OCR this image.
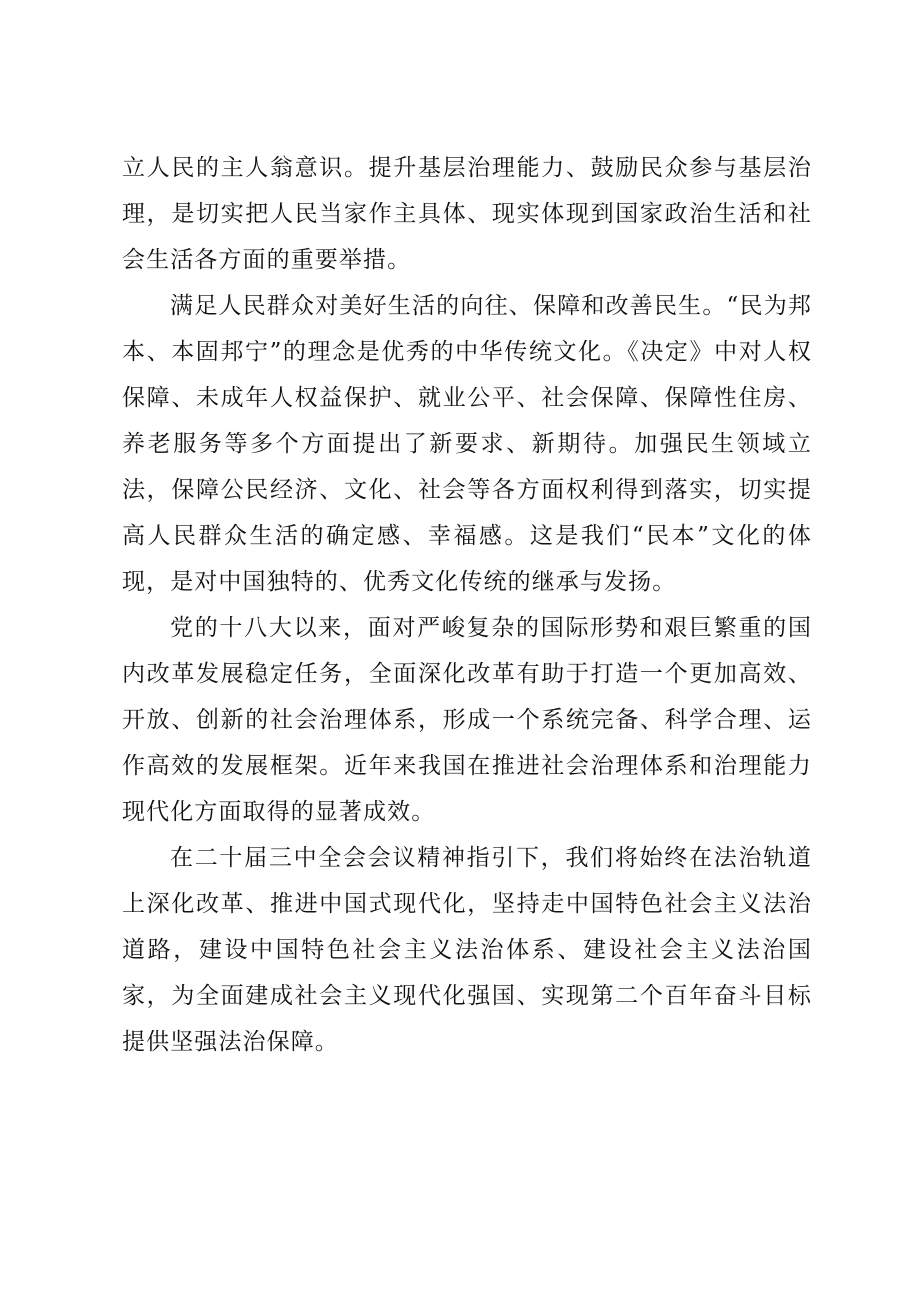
立人民的主人翁意识。提升基层治理能力、鼓励民众参与基层治理，是切实把人民当家作主具体、现实体现到国家政治生活和社会生活各方面的重要举措。

满足人民群众对美好生活的向往、保障和改善民生。“民为邦本、本固邦宁”的理念是优秀的中华传统文化。《决定》中对人权保障、未成年人权益保护、就业公平、社会保障、保障性住房、养老服务等多个方面提出了新要求、新期待。加强民生领域立法，保障公民经济、文化、社会等各方面权利得到落实，切实提高人民群众生活的确定感、幸福感。这是我们“民本”文化的体现，是对中国独特的、优秀文化传统的继承与发扬。

党的十八大以来，面对严峻复杂的国际形势和艰巨繁重的国内改革发展稳定任务，全面深化改革有助于打造一个更加高效、开放、创新的社会治理体系，形成一个系统完备、科学合理、运作高效的发展框架。近年来我国在推进社会治理体系和治理能力现代化方面取得的显著成效。

在二十届三中全会会议精神指引下，我们将始终在法治轨道上深化改革、推进中国式现代化，坚持走中国特色社会主义法治道路，建设中国特色社会主义法治体系、建设社会主义法治国家，为全面建成社会主义现代化强国、实现第二个百年奋斗目标提供坚强法治保障。
